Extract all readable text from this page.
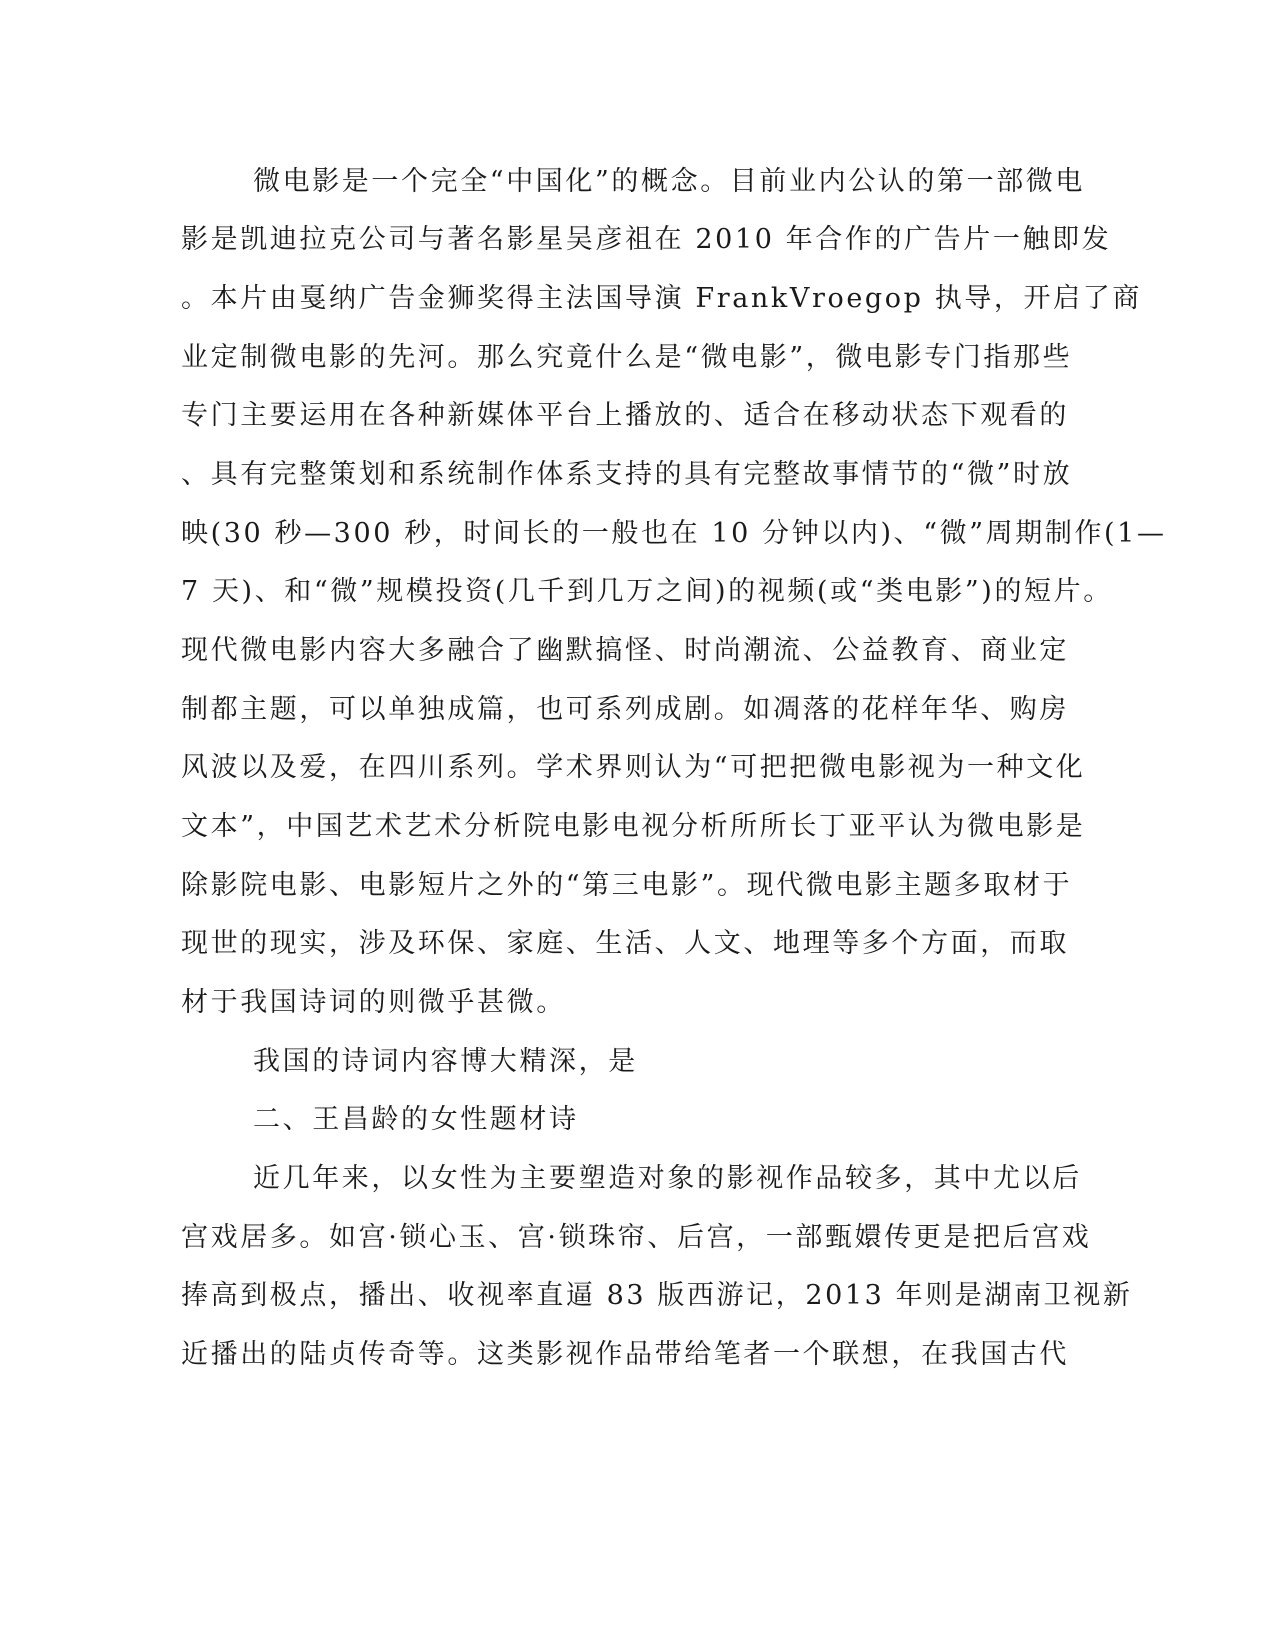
微电影是一个完全“中国化”的概念。目前业内公认的第一部微电
影是凯迪拉克公司与著名影星吴彦祖在 2010 年合作的广告片一触即发
。本片由戛纳广告金狮奖得主法国导演 FrankVroegop 执导，开启了商
业定制微电影的先河。那么究竟什么是“微电影”，微电影专门指那些
专门主要运用在各种新媒体平台上播放的、适合在移动状态下观看的
、具有完整策划和系统制作体系支持的具有完整故事情节的“微”时放
映(30 秒—300 秒，时间长的一般也在 10 分钟以内)、“微”周期制作(1—
7 天)、和“微”规模投资(几千到几万之间)的视频(或“类电影”)的短片。
现代微电影内容大多融合了幽默搞怪、时尚潮流、公益教育、商业定
制都主题，可以单独成篇，也可系列成剧。如凋落的花样年华、购房
风波以及爱，在四川系列。学术界则认为“可把把微电影视为一种文化
文本”，中国艺术艺术分析院电影电视分析所所长丁亚平认为微电影是
除影院电影、电影短片之外的“第三电影”。现代微电影主题多取材于
现世的现实，涉及环保、家庭、生活、人文、地理等多个方面，而取
材于我国诗词的则微乎甚微。
我国的诗词内容博大精深，是
二、王昌龄的女性题材诗
近几年来，以女性为主要塑造对象的影视作品较多，其中尤以后
宫戏居多。如宫·锁心玉、宫·锁珠帘、后宫，一部甄嬛传更是把后宫戏
捧高到极点，播出、收视率直逼 83 版西游记，2013 年则是湖南卫视新
近播出的陆贞传奇等。这类影视作品带给笔者一个联想，在我国古代
